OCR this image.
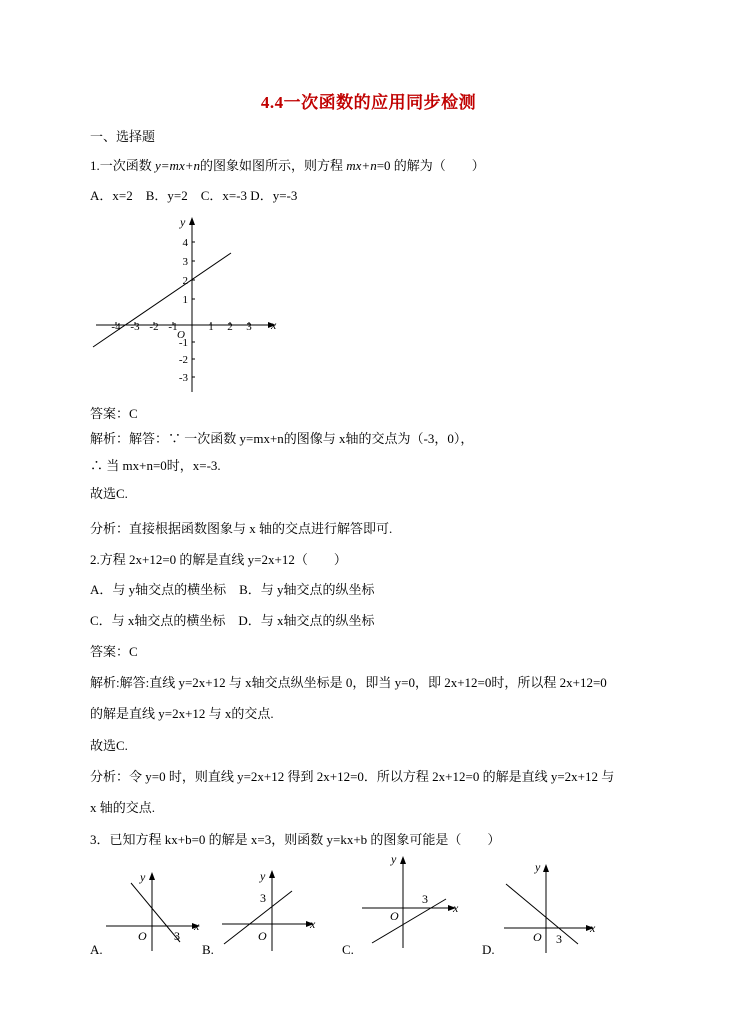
4.4一次函数的应用同步检测
一、选择题
1.一次函数 y=mx+n的图象如图所示，则方程 mx+n=0 的解为（　　）
A．x=2　B．y=2　C．x=-3 D．y=-3
y
x
O
-4 -3 -2 -1	1 2 3
4
3
2
1
-1
-2
-3
答案：C
解析：解答：∵ 一次函数 y=mx+n的图像与 x轴的交点为（-3，0），
∴ 当 mx+n=0时，x=-3.
故选C.
分析：直接根据函数图象与 x 轴的交点进行解答即可.
2.方程 2x+12=0 的解是直线 y=2x+12（　　）
A．与 y轴交点的横坐标　B．与 y轴交点的纵坐标
C．与 x轴交点的横坐标　D．与 x轴交点的纵坐标
答案：C
解析:解答:直线 y=2x+12 与 x轴交点纵坐标是 0，即当 y=0，即 2x+12=0时，所以程 2x+12=0
的解是直线 y=2x+12 与 x的交点.
故选C.
分析：令 y=0 时，则直线 y=2x+12 得到 2x+12=0．所以方程 2x+12=0 的解是直线 y=2x+12 与
x 轴的交点.
3．已知方程 kx+b=0 的解是 x=3，则函数 y=kx+b 的图象可能是（　　）
y
x
O 3
A.
y
x
O
3
B.
y
x
O
3
C.
y
x
O 3
D.
